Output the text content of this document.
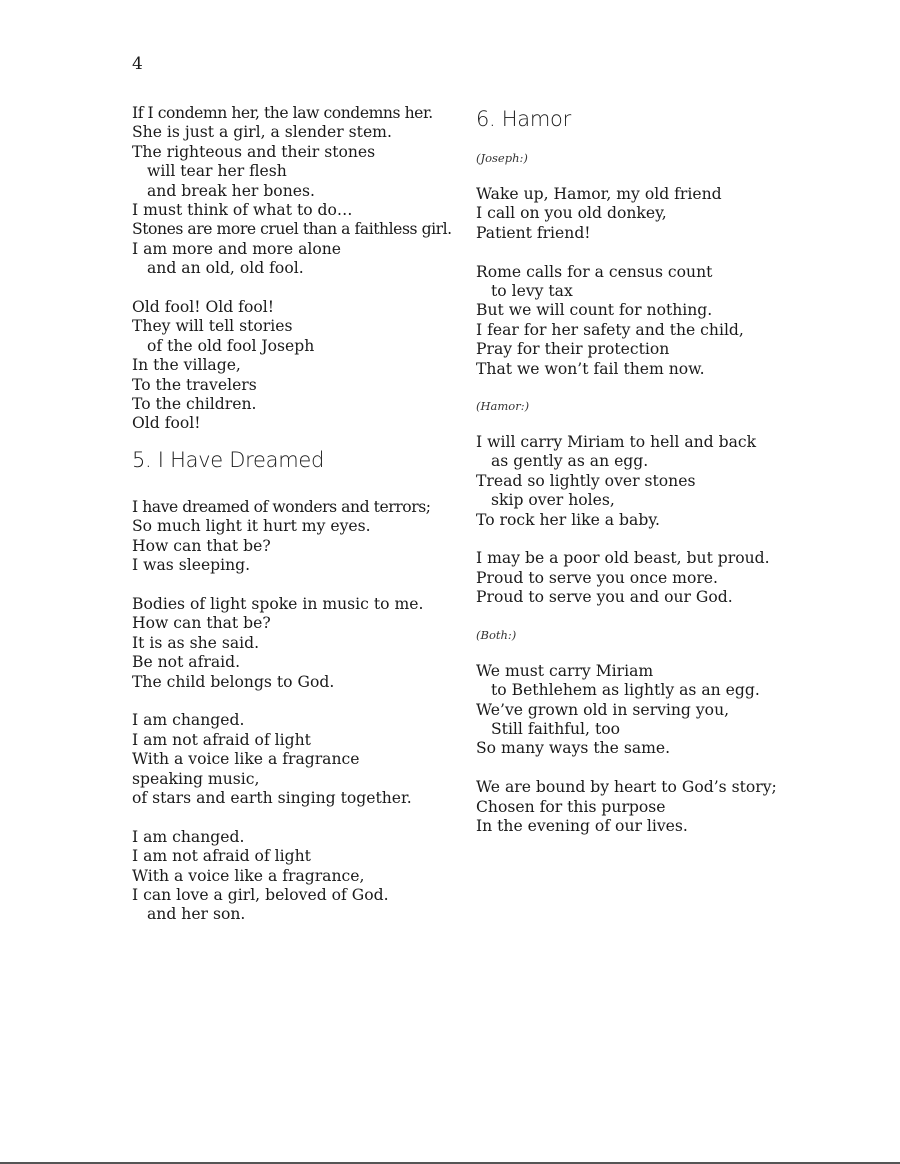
4
If I condemn her, the law condemns her.
She is just a girl, a slender stem.
The righteous and their stones
will tear her flesh
and break her bones.
I must think of what to do…
Stones are more cruel than a faithless girl.
I am more and more alone
and an old, old fool.
Old fool! Old fool!
They will tell stories
of the old fool Joseph
In the village,
To the travelers
To the children.
Old fool!
5. I Have Dreamed
I have dreamed of wonders and terrors;
So much light it hurt my eyes.
How can that be?
I was sleeping.
Bodies of light spoke in music to me.
How can that be?
It is as she said.
Be not afraid.
The child belongs to God.
I am changed.
I am not afraid of light
With a voice like a fragrance
speaking music,
of stars and earth singing together.
I am changed.
I am not afraid of light
With a voice like a fragrance,
I can love a girl, beloved of God.
and her son.
6. Hamor
(Joseph:)
Wake up, Hamor, my old friend
I call on you old donkey,
Patient friend!
Rome calls for a census count
to levy tax
But we will count for nothing.
I fear for her safety and the child,
Pray for their protection
That we won’t fail them now.
(Hamor:)
I will carry Miriam to hell and back
as gently as an egg.
Tread so lightly over stones
skip over holes,
To rock her like a baby.
I may be a poor old beast, but proud.
Proud to serve you once more.
Proud to serve you and our God.
(Both:)
We must carry Miriam
to Bethlehem as lightly as an egg.
We’ve grown old in serving you,
Still faithful, too
So many ways the same.
We are bound by heart to God’s story;
Chosen for this purpose
In the evening of our lives.
